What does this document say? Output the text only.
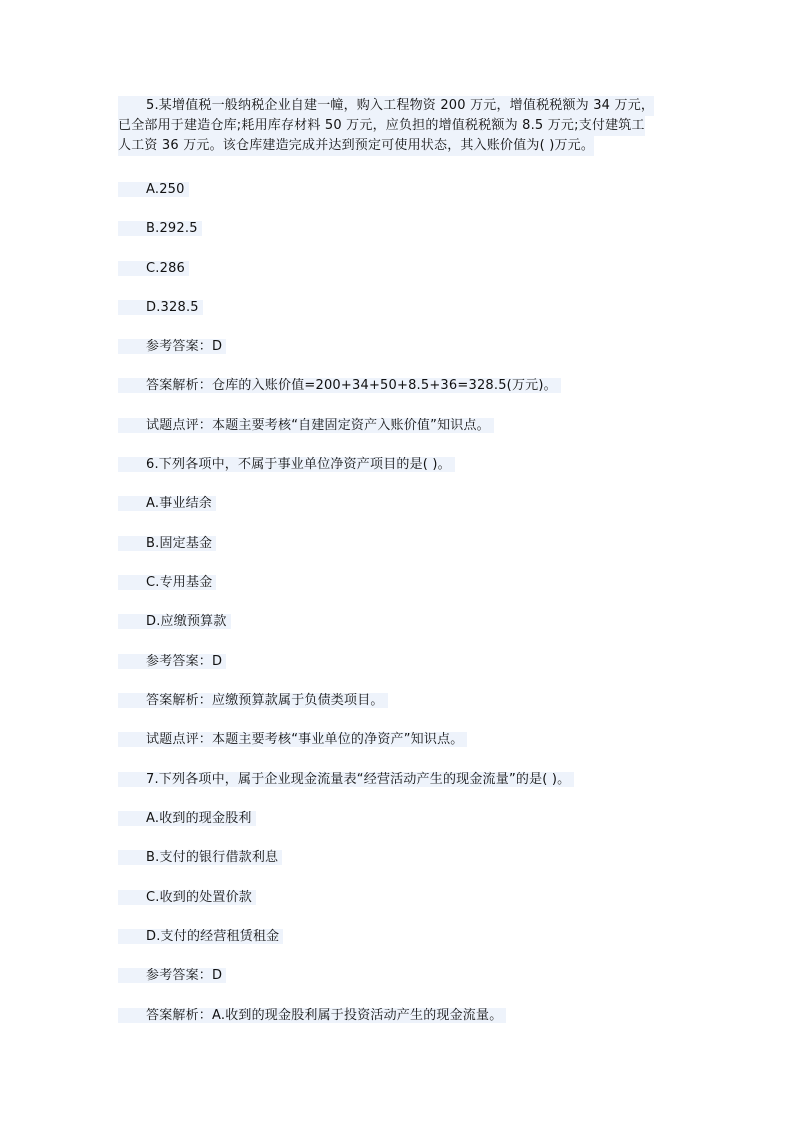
5.某增值税一般纳税企业自建一幢，购入工程物资 200 万元，增值税税额为 34 万元， 已全部用于建造仓库;耗用库存材料 50 万元，应负担的增值税税额为 8.5 万元;支付建筑工 人工资 36 万元。该仓库建造完成并达到预定可使用状态，其入账价值为( )万元。
A.250
B.292.5
C.286
D.328.5
参考答案：D
答案解析：仓库的入账价值=200+34+50+8.5+36=328.5(万元)。
试题点评：本题主要考核“自建固定资产入账价值”知识点。
6.下列各项中，不属于事业单位净资产项目的是( )。
A.事业结余
B.固定基金
C.专用基金
D.应缴预算款
参考答案：D
答案解析：应缴预算款属于负债类项目。
试题点评：本题主要考核“事业单位的净资产”知识点。
7.下列各项中，属于企业现金流量表“经营活动产生的现金流量”的是( )。
A.收到的现金股利
B.支付的银行借款利息
C.收到的处置价款
D.支付的经营租赁租金
参考答案：D
答案解析：A.收到的现金股利属于投资活动产生的现金流量。
